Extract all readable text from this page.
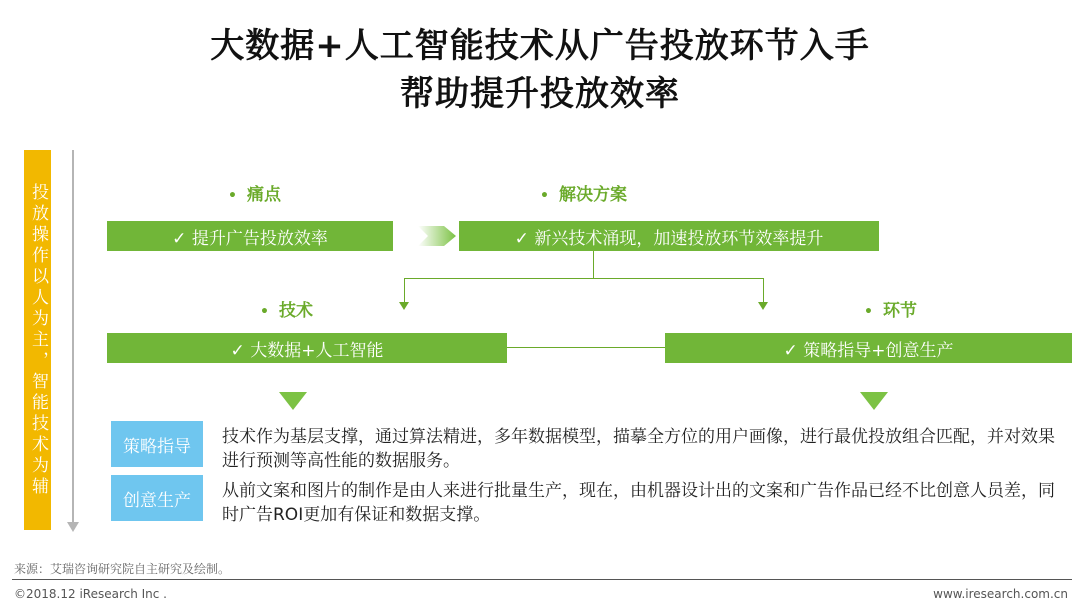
大数据+人工智能技术从广告投放环节入手
帮助提升投放效率
投放操作以人为主，智能技术为辅	• 痛点
✓ 提升广告投放效率
• 解决方案
✓ 新兴技术涌现，加速投放环节效率提升
• 技术
✓ 大数据+人工智能
• 环节
✓ 策略指导+创意生产
策略指导	技术作为基层支撑，通过算法精进，多年数据模型，描摹全方位的用户画像，进行最优投放组合匹配，并对效果进行预测等高性能的数据服务。
创意生产	从前文案和图片的制作是由人来进行批量生产，现在，由机器设计出的文案和广告作品已经不比创意人员差，同时广告ROI更加有保证和数据支撑。
来源：艾瑞咨询研究院自主研究及绘制。
©2018.12 iResearch Inc .	www.iresearch.com.cn
